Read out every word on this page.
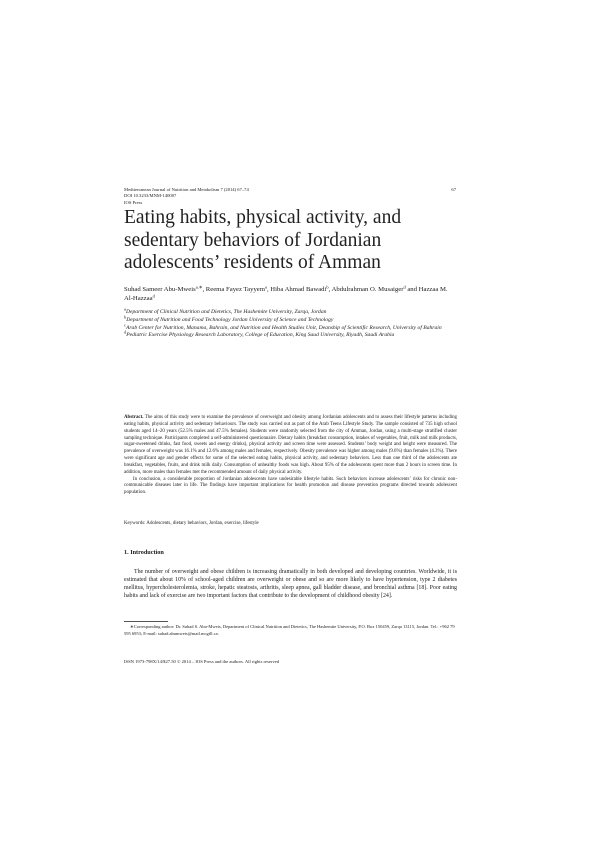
Mediterranean Journal of Nutrition and Metabolism 7 (2014) 67–74
DOI 10.3233/MNM-140007
IOS Press
67
Eating habits, physical activity, and sedentary behaviors of Jordanian adolescents’ residents of Amman
Suhad Sameer Abu-Mweis$^{a,∗}$, Reema Fayez Tayyem$^a$, Hiba Ahmad Bawadi$^b$, Abdulrahman O. Musaiger$^d$ and Hazzaa M. Al-Hazzaa$^d$
$^a$Department of Clinical Nutrition and Dietetics, The Hashemite University, Zarqa, Jordan
$^b$Department of Nutrition and Food Technology Jordan University of Science and Technology
$^c$Arab Center for Nutrition, Manama, Bahrain, and Nutrition and Health Studies Unit, Deanship of Scientific Research, University of Bahrain
$^d$Pediatric Exercise Physiology Research Laboratory, College of Education, King Saud University, Riyadh, Saudi Arabia

Abstract. The aims of this study were to examine the prevalence of overweight and obesity among Jordanian adolescents and to assess their lifestyle patterns including eating habits, physical activity and sedentary behaviours. The study was carried out as part of the Arab Teens Lifestyle Study. The sample consisted of 735 high school students aged 14–20 years (52.5% males and 47.5% females). Students were randomly selected from the city of Amman, Jordan, using a multi-stage stratified cluster sampling technique. Participants completed a self-administered questionnaire. Dietary habits (breakfast consumption, intakes of vegetables, fruit, milk and milk products, sugar-sweetened drinks, fast food, sweets and energy drinks), physical activity and screen time were assessed. Students’ body weight and height were measured. The prevalence of overweight was 16.1% and 12.6% among males and females, respectively. Obesity prevalence was higher among males (9.6%) than females (4.3%). There were significant age and gender effects for some of the selected eating habits, physical activity, and sedentary behaviors. Less than one third of the adolescents ate breakfast, vegetables, fruits, and drink milk daily. Consumption of unhealthy foods was high. About 95% of the adolescents spent more than 2 hours in screen time. In addition, more males than females met the recommended amount of daily physical activity.

In conclusion, a considerable proportion of Jordanian adolescents have undesirable lifestyle habits. Such behaviors increase adolescents’ risks for chronic non-communicable diseases later in life. The findings have important implications for health promotion and disease prevention programs directed towards adolescent population.

Keywords: Adolescents, dietary behaviors, Jordan, exercise, lifestyle
1. Introduction

The number of overweight and obese children is increasing dramatically in both developed and developing countries. Worldwide, it is estimated that about 10% of school-aged children are overweight or obese and so are more likely to have hypertension, type 2 diabetes mellitus, hypercholesterolemia, stroke, hepatic steatosis, arthritis, sleep apnea, gall bladder disease, and bronchial asthma [18]. Poor eating habits and lack of exercise are two important factors that contribute to the development of childhood obesity [24].

∗Corresponding author: Dr. Suhad S. Abu-Mweis, Department of Clinical Nutrition and Dietetics, The Hashemite University, P.O. Box 150459, Zarqa 13115, Jordan. Tel.: +962 79 595 6953; E-mail: suhad.abumweis@mail.mcgill.ca.

ISSN 1973-798X/14/$27.50 © 2014 – IOS Press and the authors. All rights reserved
